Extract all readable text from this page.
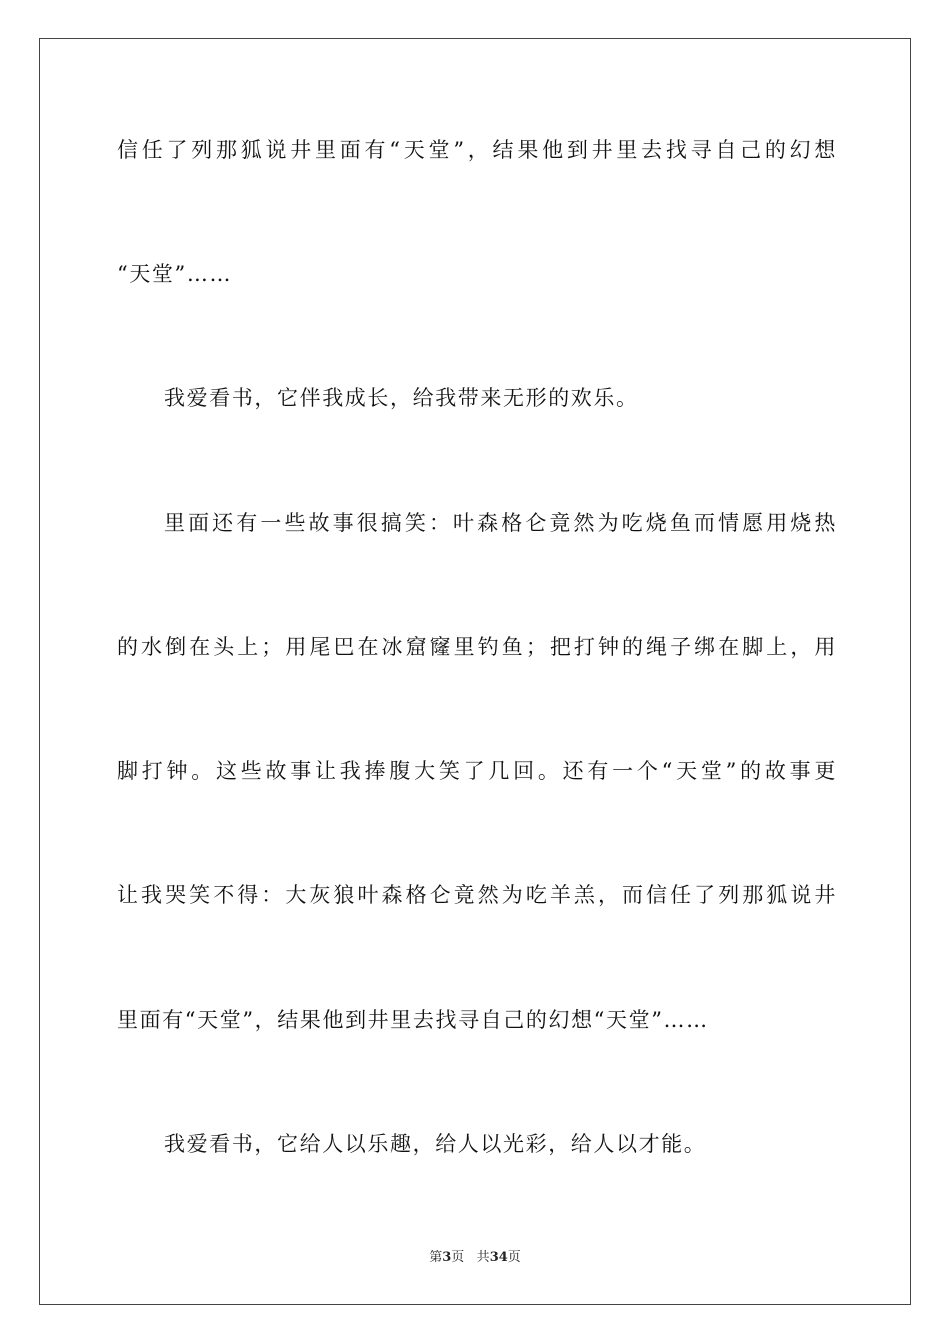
信任了列那狐说井里面有“天堂”，结果他到井里去找寻自己的幻想
“天堂”……
我爱看书，它伴我成长，给我带来无形的欢乐。
里面还有一些故事很搞笑：叶森格仑竟然为吃烧鱼而情愿用烧热
的水倒在头上；用尾巴在冰窟窿里钓鱼；把打钟的绳子绑在脚上，用
脚打钟。这些故事让我捧腹大笑了几回。还有一个“天堂”的故事更
让我哭笑不得：大灰狼叶森格仑竟然为吃羊羔，而信任了列那狐说井
里面有“天堂”，结果他到井里去找寻自己的幻想“天堂”……
我爱看书，它给人以乐趣，给人以光彩，给人以才能。
第3页 共34页
